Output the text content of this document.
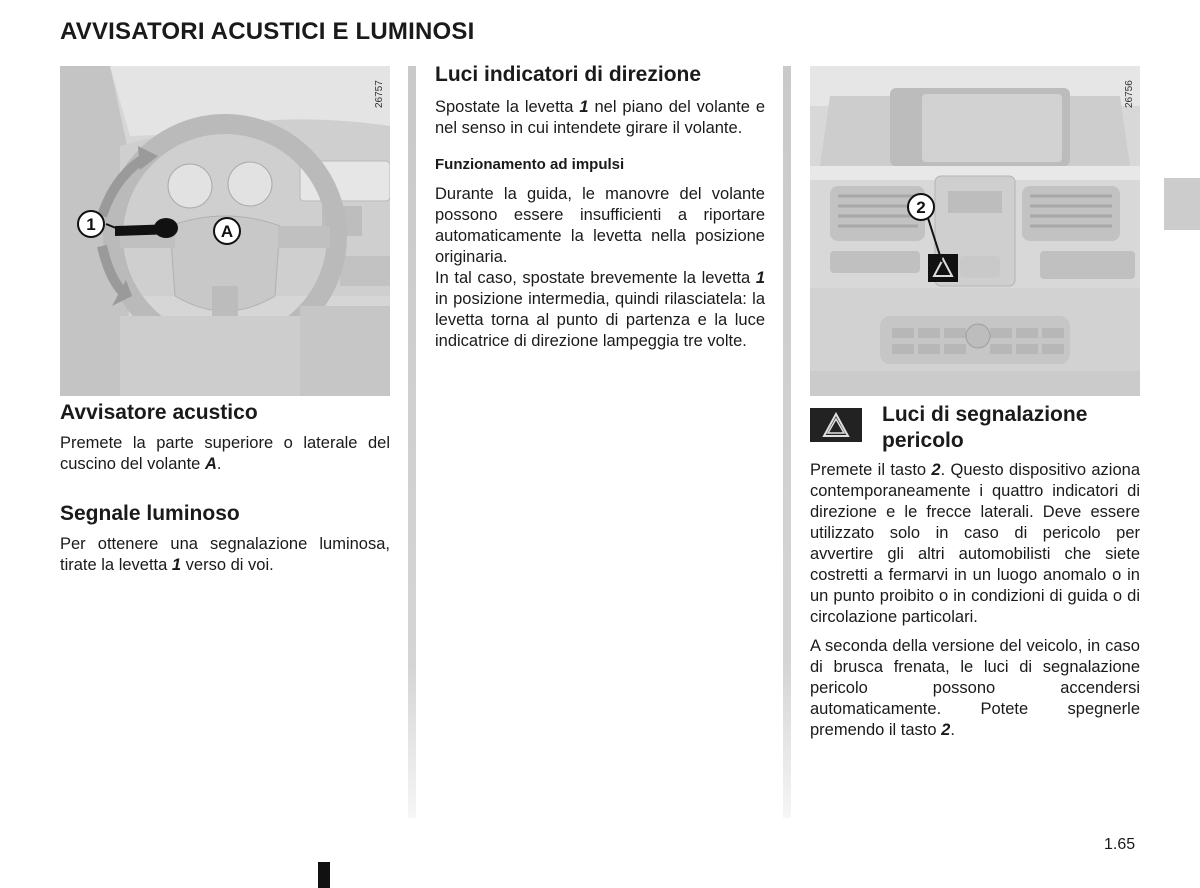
AVVISATORI ACUSTICI E LUMINOSI
1	A
26757
Avvisatore acustico

Premete la parte superiore o laterale del cuscino del volante A.

Segnale luminoso

Per ottenere una segnalazione luminosa, tirate la levetta 1 verso di voi.

Luci indicatori di direzione

Spostate la levetta 1 nel piano del volante e nel senso in cui intendete girare il volante.

Funzionamento ad impulsi

Durante la guida, le manovre del volante possono essere insufficienti a riportare automaticamente la levetta nella posizione originaria.

In tal caso, spostate brevemente la levetta 1 in posizione intermedia, quindi rilasciatela: la levetta torna al punto di partenza e la luce indicatrice di direzione lampeggia tre volte.

2
26756
Luci di segnalazione pericolo

Premete il tasto 2. Questo dispositivo aziona contemporaneamente i quattro indicatori di direzione e le frecce laterali. Deve essere utilizzato solo in caso di pericolo per avvertire gli altri automobilisti che siete costretti a fermarvi in un luogo anomalo o in un punto proibito o in condizioni di guida o di circolazione particolari.

A seconda della versione del veicolo, in caso di brusca frenata, le luci di segnalazione pericolo possono accendersi automaticamente. Potete spegnerle premendo il tasto 2.

1.65
